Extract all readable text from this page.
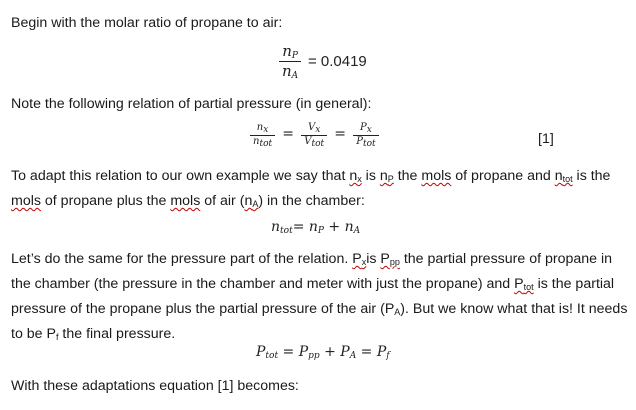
Begin with the molar ratio of propane to air:

$\frac{n_P}{n_A} = 0.0419$

Note the following relation of partial pressure (in general):

$\frac{n_x}{n_{tot}} = \frac{V_x}{V_{tot}} = \frac{P_x}{P_{tot}}$	[1]

To adapt this relation to our own example we say that $n_x$ is $n_P$ the mols of propane and $n_{tot}$ is the mols of propane plus the mols of air $(n_A)$ in the chamber:

$n_{tot}= n_P + n_A$

Let’s do the same for the pressure part of the relation. $P_xis$ $P_{pp}$ the partial pressure of propane in the chamber (the pressure in the chamber and meter with just the propane) and $P_{tot}$ is the partial pressure of the propane plus the partial pressure of the air $(P_A)$. But we know what that is! It needs to be $P_f$ the final pressure.

$P_{tot} = P_{pp} + P_A = P_f$

With these adaptations equation [1] becomes:
